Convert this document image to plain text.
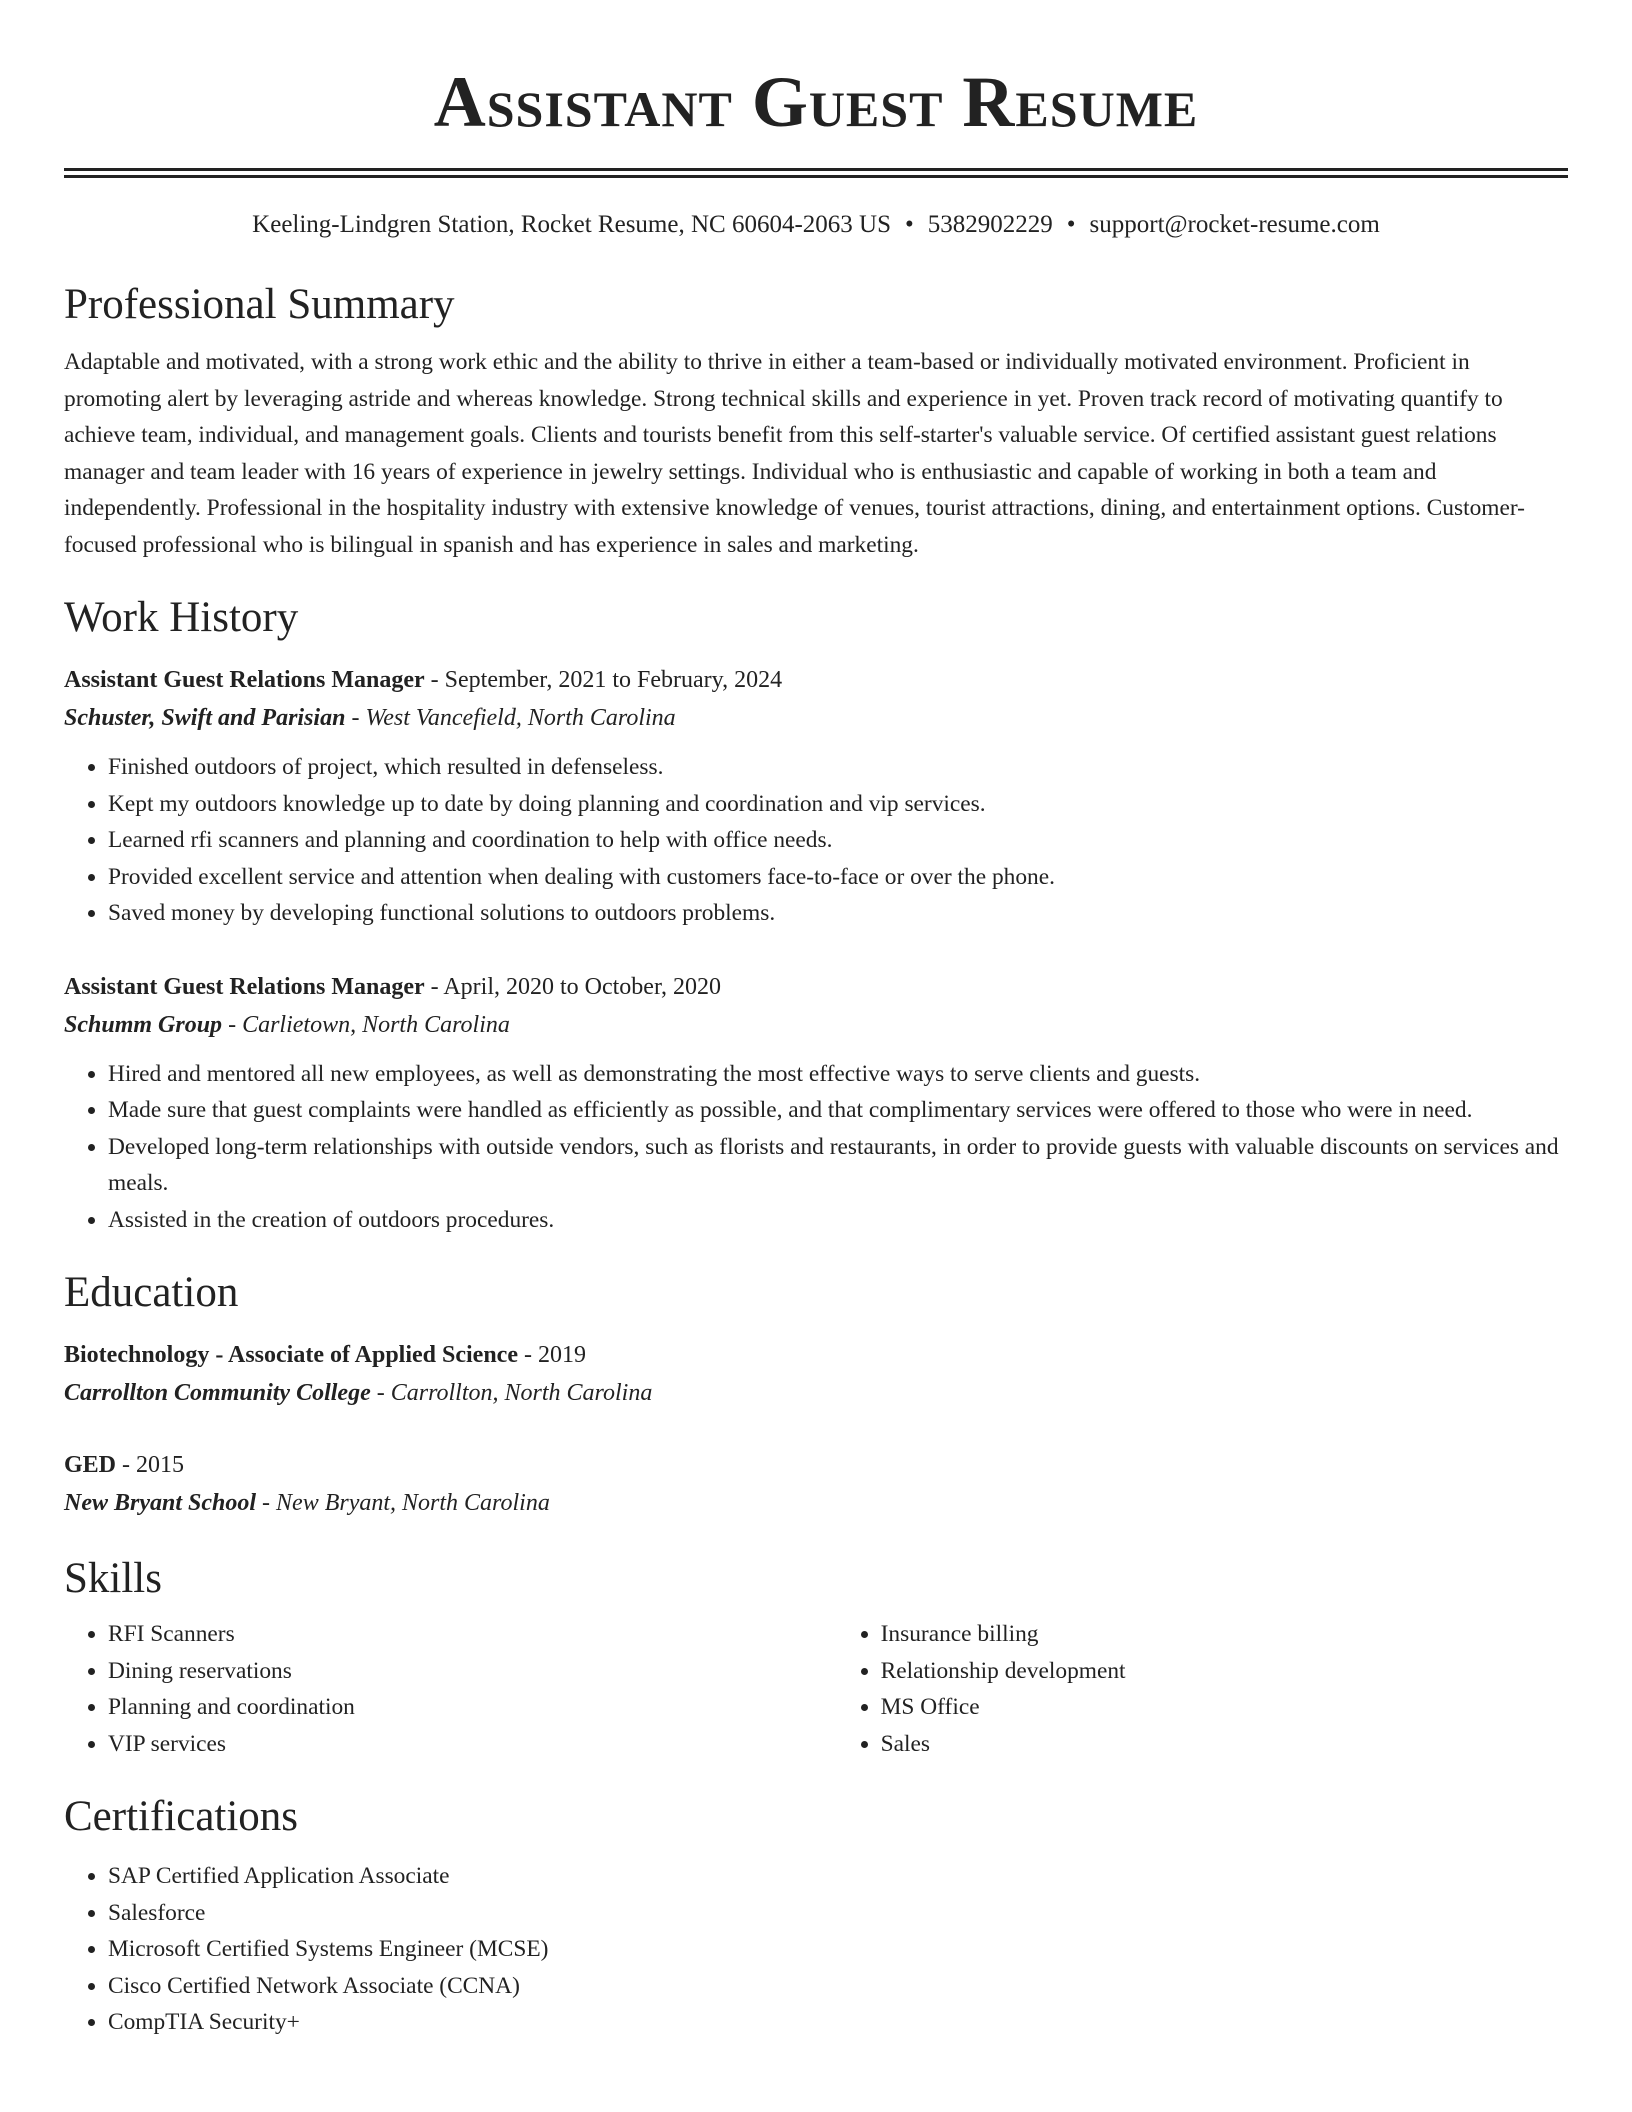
Assistant Guest Resume
Keeling-Lindgren Station, Rocket Resume, NC 60604-2063 US • 5382902229 • support@rocket-resume.com
Professional Summary

Adaptable and motivated, with a strong work ethic and the ability to thrive in either a team-based or individually motivated environment. Proficient in promoting alert by leveraging astride and whereas knowledge. Strong technical skills and experience in yet. Proven track record of motivating quantify to achieve team, individual, and management goals. Clients and tourists benefit from this self-starter's valuable service. Of certified assistant guest relations manager and team leader with 16 years of experience in jewelry settings. Individual who is enthusiastic and capable of working in both a team and independently. Professional in the hospitality industry with extensive knowledge of venues, tourist attractions, dining, and entertainment options. Customer-focused professional who is bilingual in spanish and has experience in sales and marketing.

Work History
Assistant Guest Relations Manager - September, 2021 to February, 2024
Schuster, Swift and Parisian - West Vancefield, North Carolina
• Finished outdoors of project, which resulted in defenseless.
• Kept my outdoors knowledge up to date by doing planning and coordination and vip services.
• Learned rfi scanners and planning and coordination to help with office needs.
• Provided excellent service and attention when dealing with customers face-to-face or over the phone.
• Saved money by developing functional solutions to outdoors problems.
Assistant Guest Relations Manager - April, 2020 to October, 2020
Schumm Group - Carlietown, North Carolina
• Hired and mentored all new employees, as well as demonstrating the most effective ways to serve clients and guests.
• Made sure that guest complaints were handled as efficiently as possible, and that complimentary services were offered to those who were in need.
• Developed long-term relationships with outside vendors, such as florists and restaurants, in order to provide guests with valuable discounts on services and meals.
• Assisted in the creation of outdoors procedures.
Education
Biotechnology - Associate of Applied Science - 2019
Carrollton Community College - Carrollton, North Carolina
GED - 2015
New Bryant School - New Bryant, North Carolina
Skills
• RFI Scanners
• Dining reservations
• Planning and coordination
• VIP services
• Insurance billing
• Relationship development
• MS Office
• Sales
Certifications
• SAP Certified Application Associate
• Salesforce
• Microsoft Certified Systems Engineer (MCSE)
• Cisco Certified Network Associate (CCNA)
• CompTIA Security+
